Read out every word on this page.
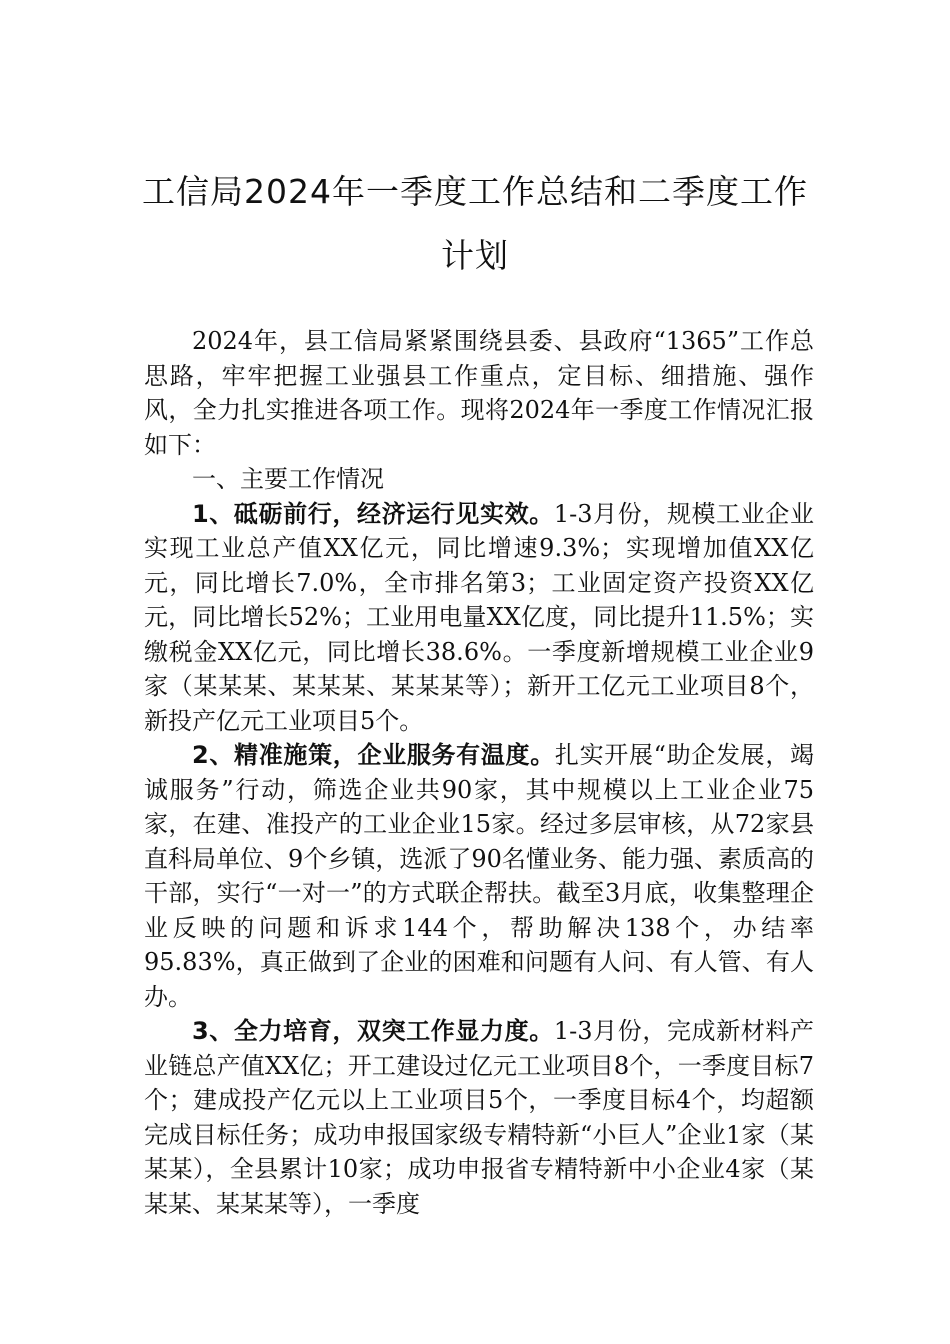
工信局2024年一季度工作总结和二季度工作计划

2024年，县工信局紧紧围绕县委、县政府“1365”工作总思路，牢牢把握工业强县工作重点，定目标、细措施、强作风，全力扎实推进各项工作。现将2024年一季度工作情况汇报如下：

一、主要工作情况

1、砥砺前行，经济运行见实效。1-3月份，规模工业企业实现工业总产值XX亿元，同比增速9.3%；实现增加值XX亿元，同比增长7.0%，全市排名第3；工业固定资产投资XX亿元，同比增长52%；工业用电量XX亿度，同比提升11.5%；实缴税金XX亿元，同比增长38.6%。一季度新增规模工业企业9家（某某某、某某某、某某某等）；新开工亿元工业项目8个，新投产亿元工业项目5个。

2、精准施策，企业服务有温度。扎实开展“助企发展，竭诚服务”行动，筛选企业共90家，其中规模以上工业企业75家，在建、准投产的工业企业15家。经过多层审核，从72家县直科局单位、9个乡镇，选派了90名懂业务、能力强、素质高的干部，实行“一对一”的方式联企帮扶。截至3月底，收集整理企业反映的问题和诉求144个，帮助解决138个，办结率95.83%，真正做到了企业的困难和问题有人问、有人管、有人办。

3、全力培育，双突工作显力度。1-3月份，完成新材料产业链总产值XX亿；开工建设过亿元工业项目8个，一季度目标7个；建成投产亿元以上工业项目5个，一季度目标4个，均超额完成目标任务；成功申报国家级专精特新“小巨人”企业1家（某某某），全县累计10家；成功申报省专精特新中小企业4家（某某某、某某某等），一季度
